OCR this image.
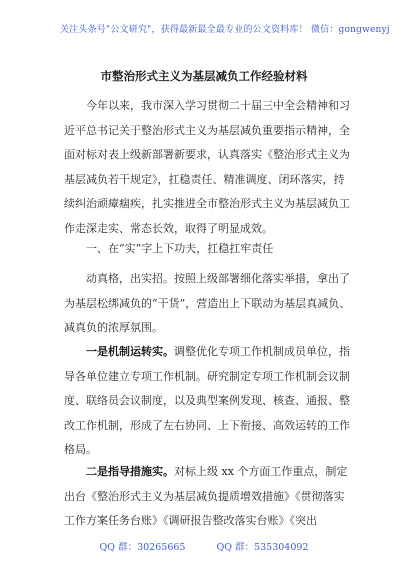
关注头条号"公文研究"，获得最新最全最专业的公文资料库！ 微信：gongwenyj
市整治形式主义为基层减负工作经验材料

今年以来，我市深入学习贯彻二十届三中全会精神和习近平总书记关于整治形式主义为基层减负重要指示精神，全面对标对表上级新部署新要求，认真落实《整治形式主义为基层减负若干规定》，扛稳责任、精准调度、闭环落实，持续纠治顽瘴痼疾，扎实推进全市整治形式主义为基层减负工作走深走实、常态长效，取得了明显成效。

一、在“实”字上下功夫，扛稳扛牢责任

动真格，出实招。按照上级部署细化落实举措，拿出了为基层松绑减负的“干货”，营造出上下联动为基层真减负、减真负的浓厚氛围。

一是机制运转实。调整优化专项工作机制成员单位，指导各单位建立专项工作机制。研究制定专项工作机制会议制度、联络员会议制度，以及典型案例发现、核查、通报、整改工作机制，形成了左右协同、上下衔接、高效运转的工作格局。

二是指导措施实。对标上级 xx 个方面工作重点，制定出台《整治形式主义为基层减负提质增效措施》《贯彻落实工作方案任务台账》《调研报告整改落实台账》《突出

QQ 群：30265665	QQ 群：535304092
